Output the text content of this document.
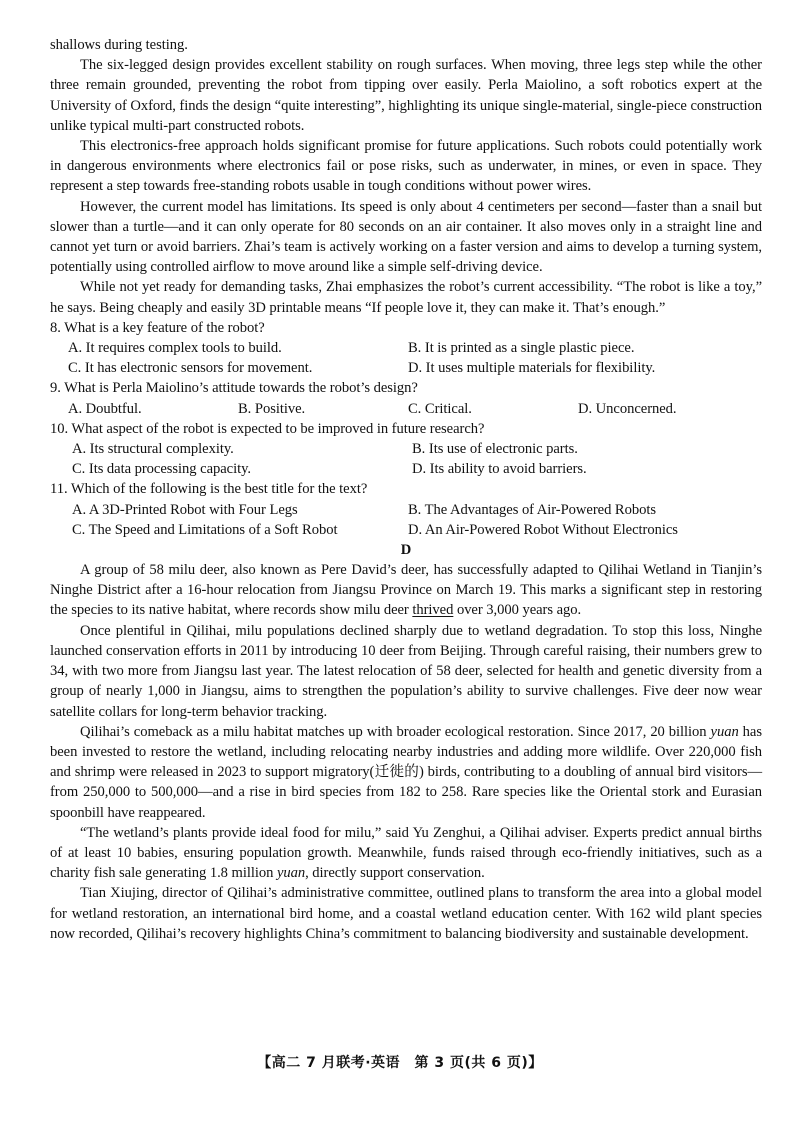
shallows during testing.

The six-legged design provides excellent stability on rough surfaces. When moving, three legs step while the other three remain grounded, preventing the robot from tipping over easily. Perla Maiolino, a soft robotics expert at the University of Oxford, finds the design “quite interesting”, highlighting its unique single-material, single-piece construction unlike typical multi-part constructed robots.

This electronics-free approach holds significant promise for future applications. Such robots could potentially work in dangerous environments where electronics fail or pose risks, such as underwater, in mines, or even in space. They represent a step towards free-standing robots usable in tough conditions without power wires.

However, the current model has limitations. Its speed is only about 4 centimeters per second—faster than a snail but slower than a turtle—and it can only operate for 80 seconds on an air container. It also moves only in a straight line and cannot yet turn or avoid barriers. Zhai’s team is actively working on a faster version and aims to develop a turning system, potentially using controlled airflow to move around like a simple self-driving device.

While not yet ready for demanding tasks, Zhai emphasizes the robot’s current accessibility. “The robot is like a toy,” he says. Being cheaply and easily 3D printable means “If people love it, they can make it. That’s enough.”

8. What is a key feature of the robot?

A. It requires complex tools to build.	B. It is printed as a single plastic piece.
C. It has electronic sensors for movement.	D. It uses multiple materials for flexibility.

9. What is Perla Maiolino’s attitude towards the robot’s design?

A. Doubtful.	B. Positive.	C. Critical.	D. Unconcerned.

10. What aspect of the robot is expected to be improved in future research?

A. Its structural complexity.	B. Its use of electronic parts.
C. Its data processing capacity.	D. Its ability to avoid barriers.

11. Which of the following is the best title for the text?

A. A 3D-Printed Robot with Four Legs	B. The Advantages of Air-Powered Robots
C. The Speed and Limitations of a Soft Robot	D. An Air-Powered Robot Without Electronics

D

A group of 58 milu deer, also known as Pere David’s deer, has successfully adapted to Qilihai Wetland in Tianjin’s Ninghe District after a 16-hour relocation from Jiangsu Province on March 19. This marks a significant step in restoring the species to its native habitat, where records show milu deer thrived over 3,000 years ago.

Once plentiful in Qilihai, milu populations declined sharply due to wetland degradation. To stop this loss, Ninghe launched conservation efforts in 2011 by introducing 10 deer from Beijing. Through careful raising, their numbers grew to 34, with two more from Jiangsu last year. The latest relocation of 58 deer, selected for health and genetic diversity from a group of nearly 1,000 in Jiangsu, aims to strengthen the population’s ability to survive challenges. Five deer now wear satellite collars for long-term behavior tracking.

Qilihai’s comeback as a milu habitat matches up with broader ecological restoration. Since 2017, 20 billion yuan has been invested to restore the wetland, including relocating nearby industries and adding more wildlife. Over 220,000 fish and shrimp were released in 2023 to support migratory(迁徙的) birds, contributing to a doubling of annual bird visitors—from 250,000 to 500,000—and a rise in bird species from 182 to 258. Rare species like the Oriental stork and Eurasian spoonbill have reappeared.

“The wetland’s plants provide ideal food for milu,” said Yu Zenghui, a Qilihai adviser. Experts predict annual births of at least 10 babies, ensuring population growth. Meanwhile, funds raised through eco-friendly initiatives, such as a charity fish sale generating 1.8 million yuan, directly support conservation.

Tian Xiujing, director of Qilihai’s administrative committee, outlined plans to transform the area into a global model for wetland restoration, an international bird home, and a coastal wetland education center. With 162 wild plant species now recorded, Qilihai’s recovery highlights China’s commitment to balancing biodiversity and sustainable development.

【高二 7 月联考·英语　第 3 页(共 6 页)】
